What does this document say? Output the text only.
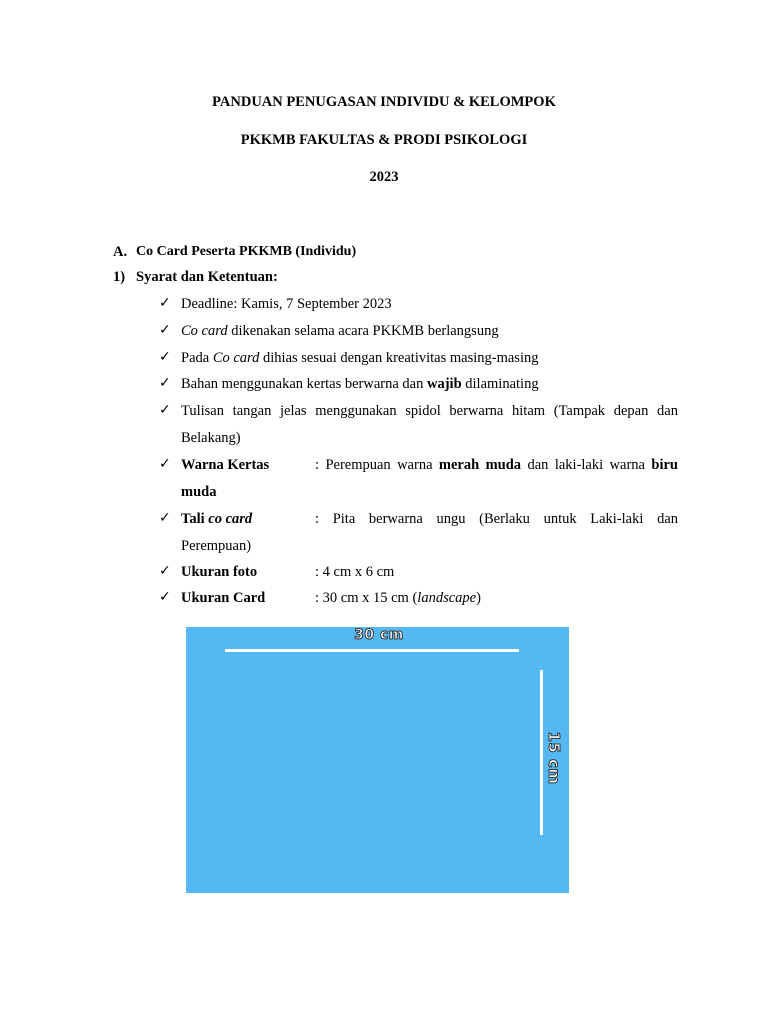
PANDUAN PENUGASAN INDIVIDU & KELOMPOK
PKKMB FAKULTAS & PRODI PSIKOLOGI
2023
A. Co Card Peserta PKKMB (Individu)
1) Syarat dan Ketentuan:
✓ Deadline: Kamis, 7 September 2023
✓ Co card dikenakan selama acara PKKMB berlangsung
✓ Pada Co card dihias sesuai dengan kreativitas masing-masing
✓ Bahan menggunakan kertas berwarna dan wajib dilaminating
✓ Tulisan tangan jelas menggunakan spidol berwarna hitam (Tampak depan dan
Belakang)
✓ Warna Kertas	: Perempuan warna merah muda dan laki-laki warna biru
muda
✓ Tali co card	: Pita berwarna ungu (Berlaku untuk Laki-laki dan
Perempuan)
✓ Ukuran foto	: 4 cm x 6 cm
✓ Ukuran Card	: 30 cm x 15 cm (landscape)
30 cm
15 cm
